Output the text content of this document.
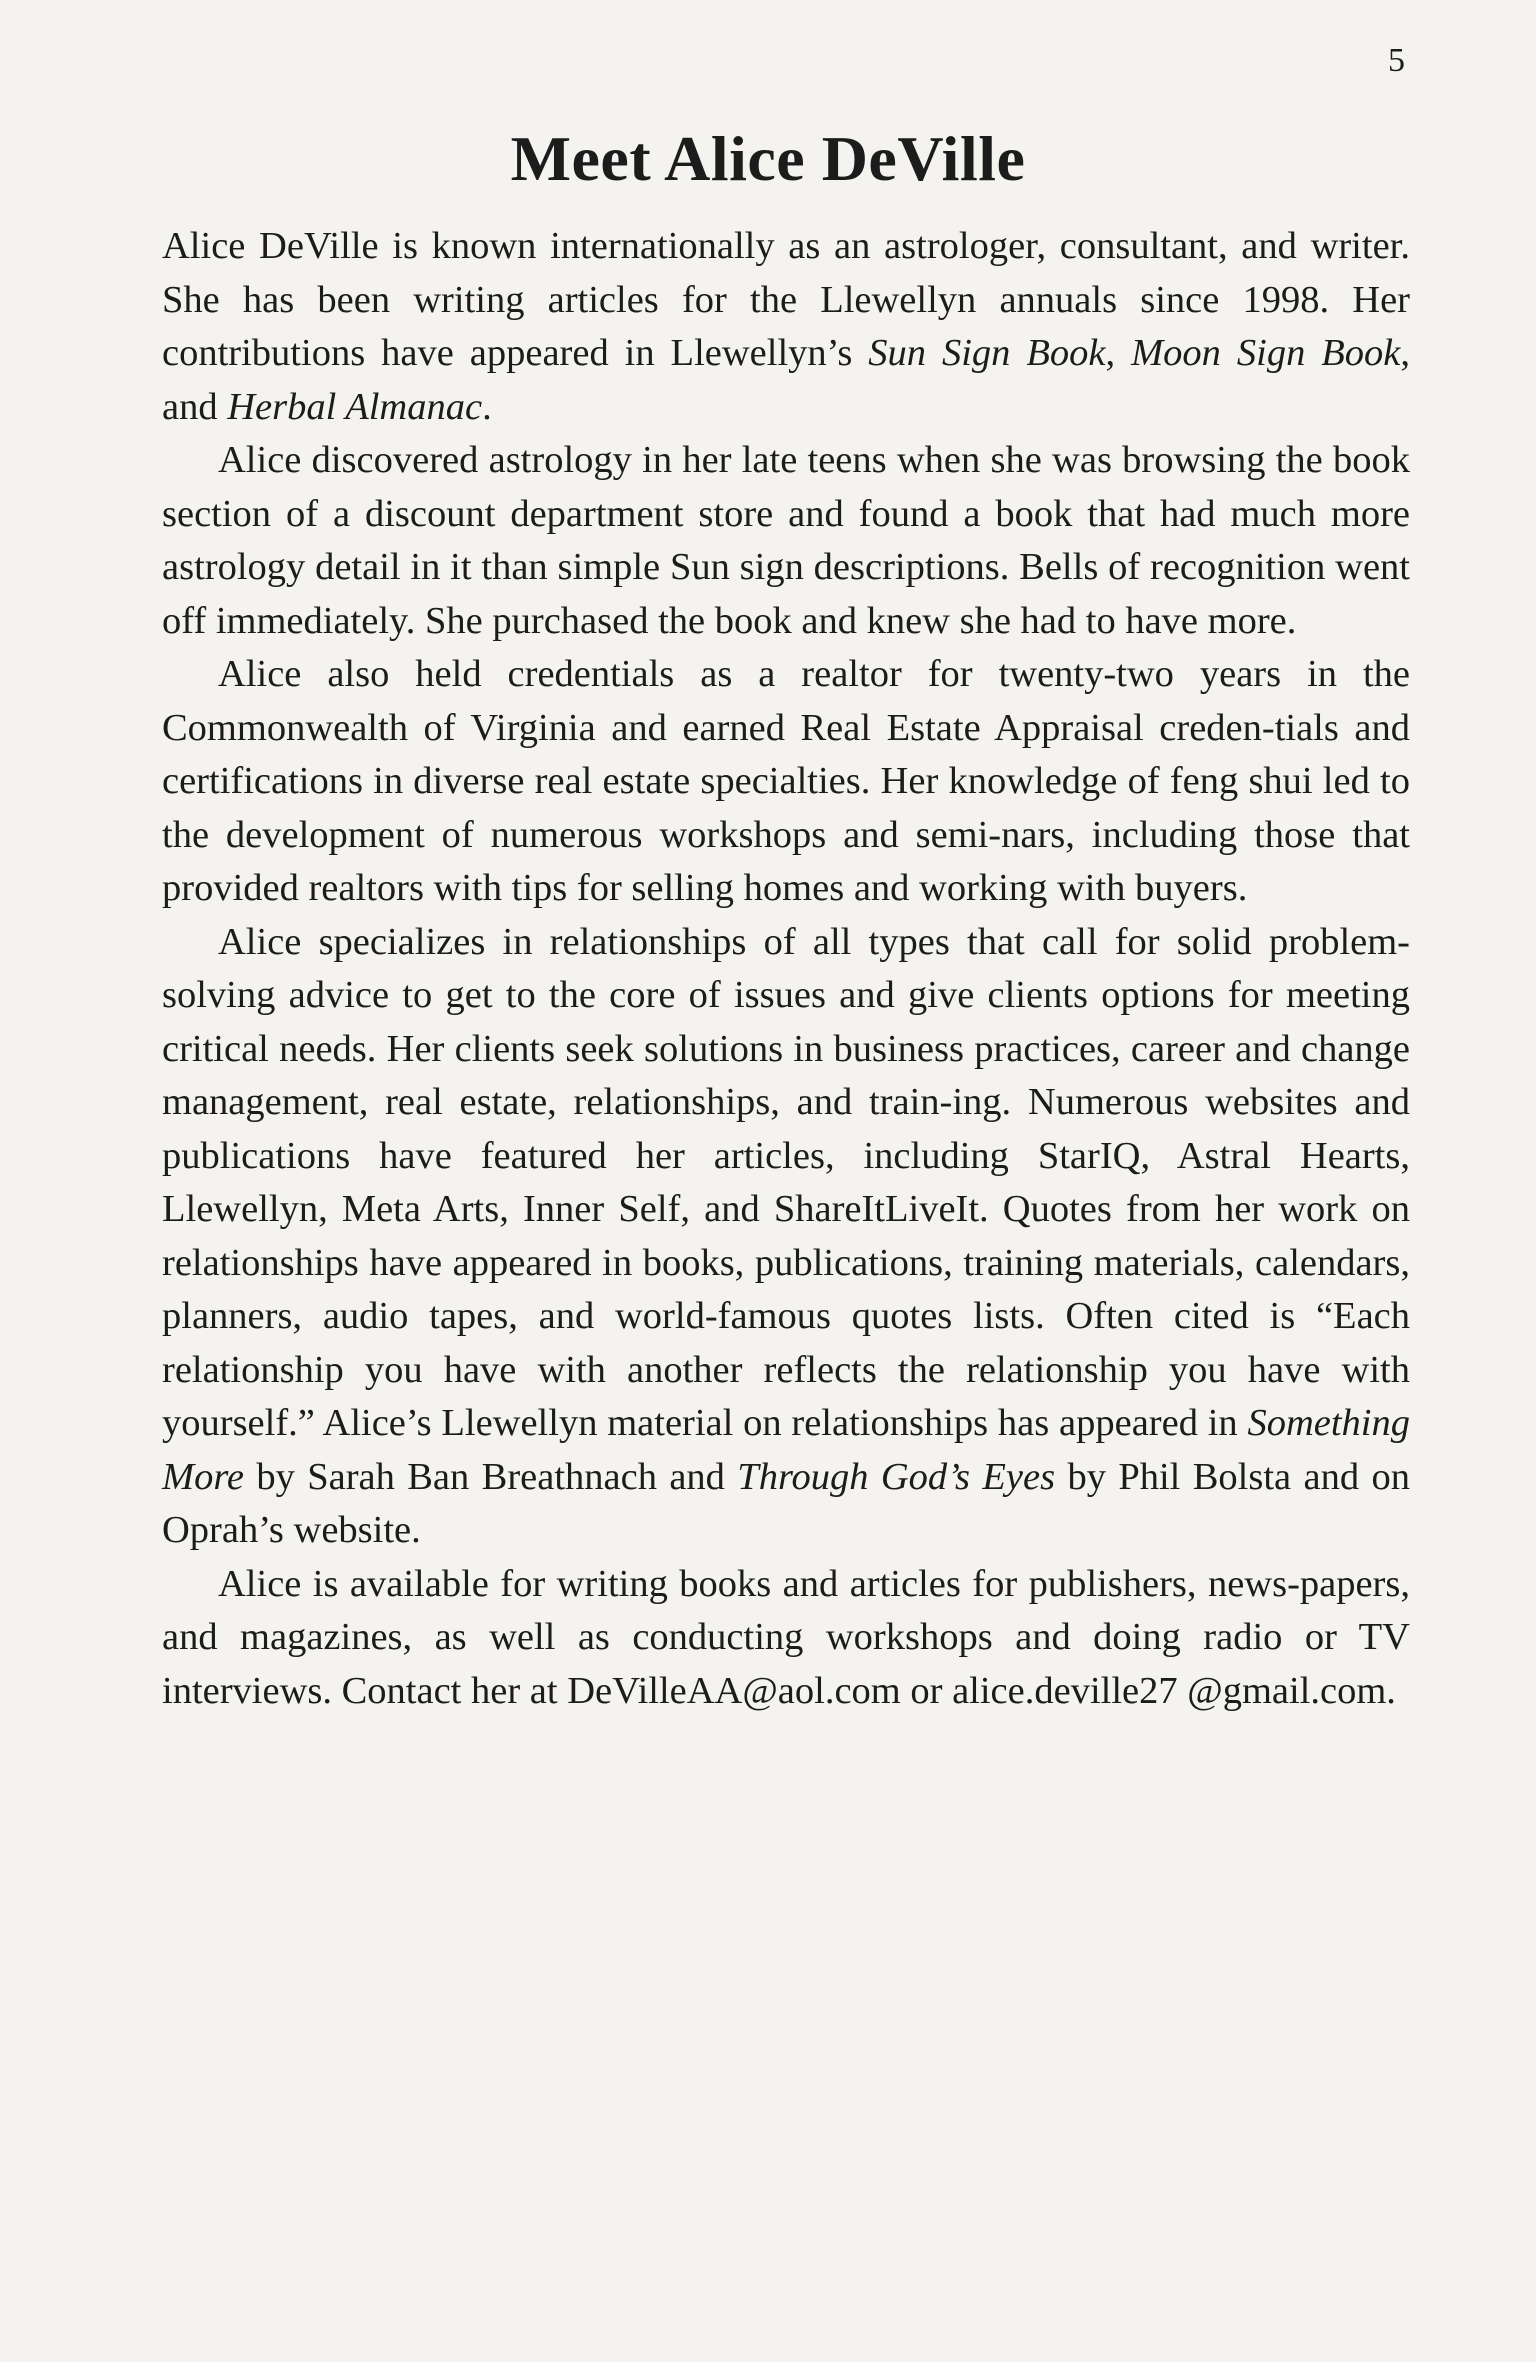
5
Meet Alice DeVille

Alice DeVille is known internationally as an astrologer, consultant, and writer. She has been writing articles for the Llewellyn annuals since 1998. Her contributions have appeared in Llewellyn’s Sun Sign Book, Moon Sign Book, and Herbal Almanac.

Alice discovered astrology in her late teens when she was browsing the book section of a discount department store and found a book that had much more astrology detail in it than simple Sun sign descriptions. Bells of recognition went off immediately. She purchased the book and knew she had to have more.

Alice also held credentials as a realtor for twenty-two years in the Commonwealth of Virginia and earned Real Estate Appraisal creden-tials and certifications in diverse real estate specialties. Her knowledge of feng shui led to the development of numerous workshops and semi-nars, including those that provided realtors with tips for selling homes and working with buyers.

Alice specializes in relationships of all types that call for solid problem-solving advice to get to the core of issues and give clients options for meeting critical needs. Her clients seek solutions in business practices, career and change management, real estate, relationships, and train-ing. Numerous websites and publications have featured her articles, including StarIQ, Astral Hearts, Llewellyn, Meta Arts, Inner Self, and ShareItLiveIt. Quotes from her work on relationships have appeared in books, publications, training materials, calendars, planners, audio tapes, and world-famous quotes lists. Often cited is “Each relationship you have with another reflects the relationship you have with yourself.” Alice’s Llewellyn material on relationships has appeared in Something More by Sarah Ban Breathnach and Through God’s Eyes by Phil Bolsta and on Oprah’s website.

Alice is available for writing books and articles for publishers, news-papers, and magazines, as well as conducting workshops and doing radio or TV interviews. Contact her at DeVilleAA@aol.com or alice.deville27 @gmail.com.
